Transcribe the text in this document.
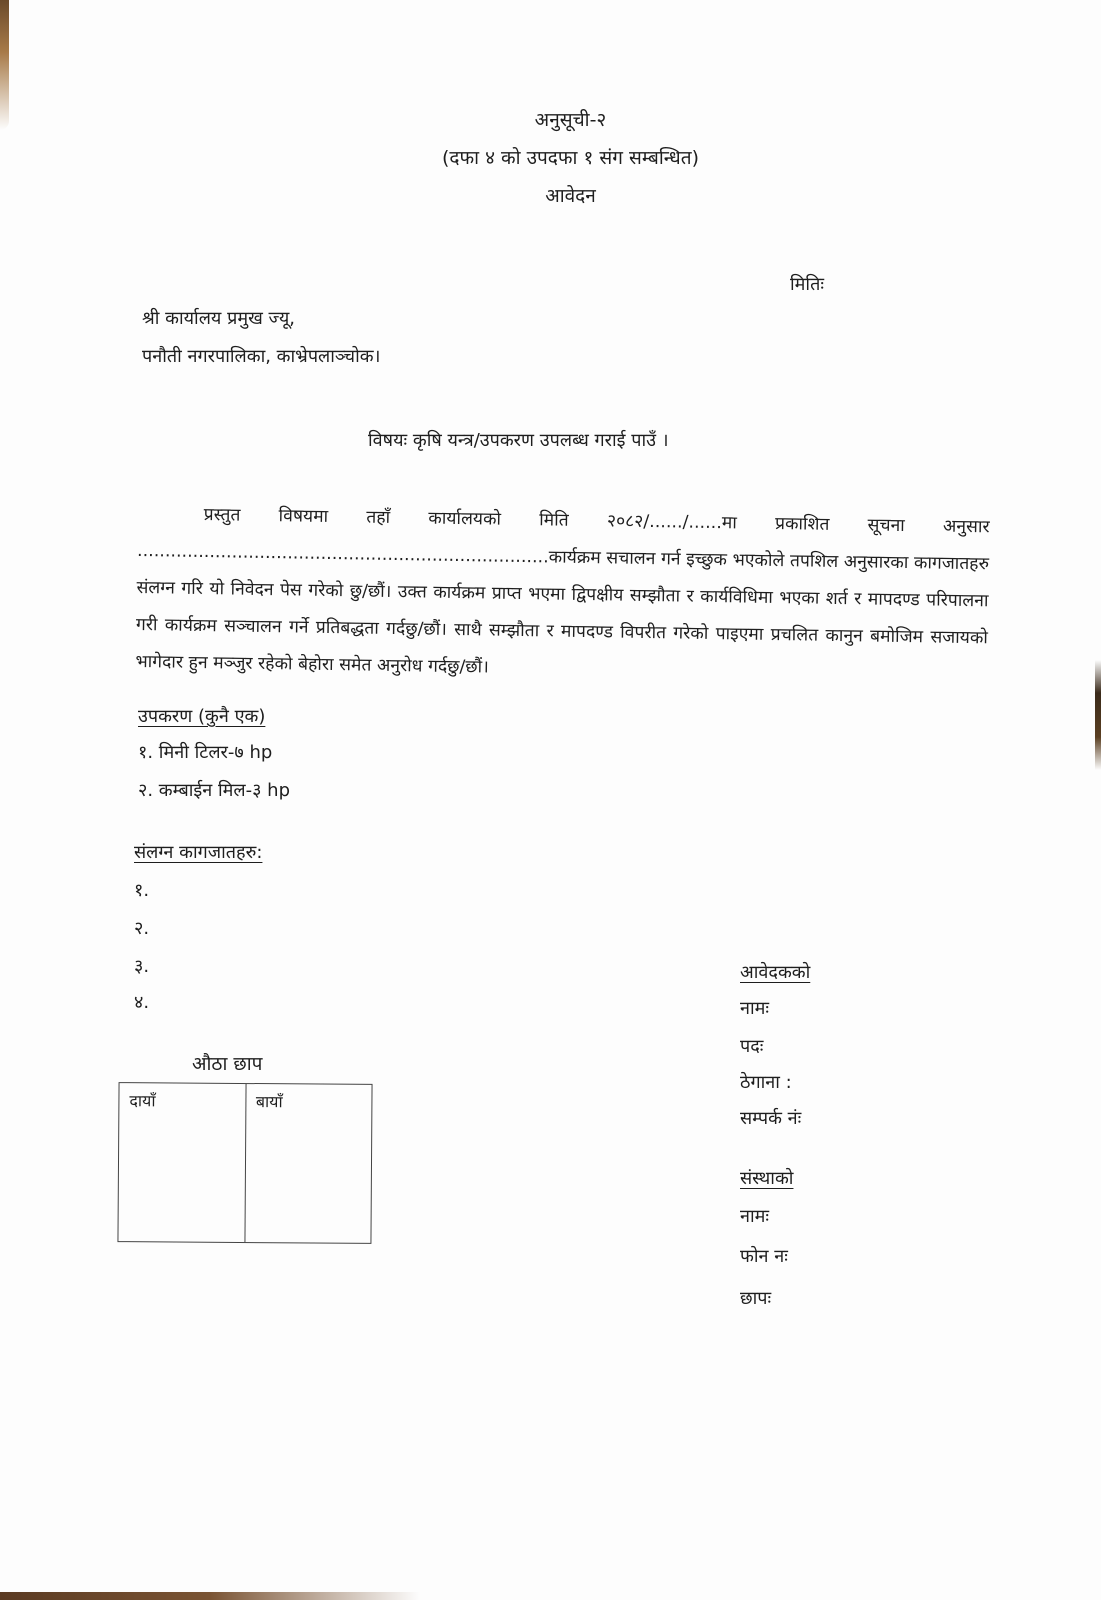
अनुसूची-२
(दफा ४ को उपदफा १ संग सम्बन्धित)
आवेदन
मितिः
श्री कार्यालय प्रमुख ज्यू,
पनौती नगरपालिका, काभ्रेपलाञ्चोक।
विषयः कृषि यन्त्र/उपकरण उपलब्ध गराई पाउँ ।
प्रस्तुत विषयमा तहाँ कार्यालयको मिति २०८२/....../......मा प्रकाशित सूचना अनुसार ..........................................................................कार्यक्रम सचालन गर्न इच्छुक भएकोले तपशिल अनुसारका कागजातहरु संलग्न गरि यो निवेदन पेस गरेको छु/छौं। उक्त कार्यक्रम प्राप्त भएमा द्विपक्षीय सम्झौता र कार्यविधिमा भएका शर्त र मापदण्ड परिपालना गरी कार्यक्रम सञ्चालन गर्ने प्रतिबद्धता गर्दछु/छौं। साथै सम्झौता र मापदण्ड विपरीत गरेको पाइएमा प्रचलित कानुन बमोजिम सजायको भागेदार हुन मञ्जुर रहेको बेहोरा समेत अनुरोध गर्दछु/छौं।
उपकरण (कुनै एक)
१. मिनी टिलर-७ hp
२. कम्बाईन मिल-३ hp
संलग्न कागजातहरु:
१.
२.
३.
४.
औठा छाप
दायाँ	बायाँ
आवेदकको
नामः
पदः
ठेगाना :
सम्पर्क नंः
संस्थाको
नामः
फोन नः
छापः
